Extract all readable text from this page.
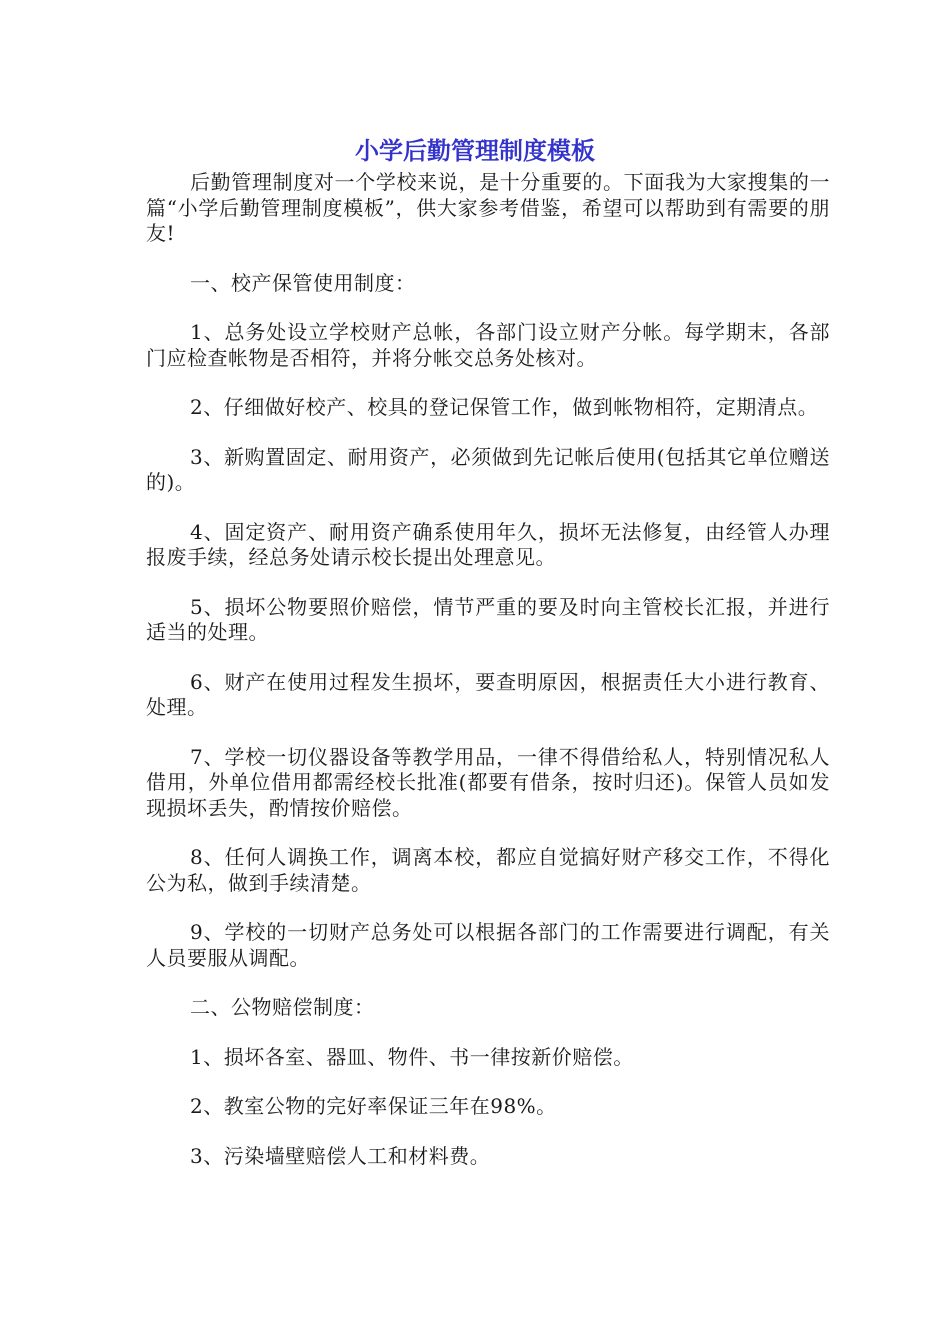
小学后勤管理制度模板

后勤管理制度对一个学校来说，是十分重要的。下面我为大家搜集的一篇“小学后勤管理制度模板”，供大家参考借鉴，希望可以帮助到有需要的朋友!

一、校产保管使用制度：

1、总务处设立学校财产总帐，各部门设立财产分帐。每学期末，各部门应检查帐物是否相符，并将分帐交总务处核对。

2、仔细做好校产、校具的登记保管工作，做到帐物相符，定期清点。

3、新购置固定、耐用资产，必须做到先记帐后使用(包括其它单位赠送的)。

4、固定资产、耐用资产确系使用年久，损坏无法修复，由经管人办理报废手续，经总务处请示校长提出处理意见。

5、损坏公物要照价赔偿，情节严重的要及时向主管校长汇报，并进行适当的处理。

6、财产在使用过程发生损坏，要查明原因，根据责任大小进行教育、处理。

7、学校一切仪器设备等教学用品，一律不得借给私人，特别情况私人借用，外单位借用都需经校长批准(都要有借条，按时归还)。保管人员如发现损坏丢失，酌情按价赔偿。

8、任何人调换工作，调离本校，都应自觉搞好财产移交工作，不得化公为私，做到手续清楚。

9、学校的一切财产总务处可以根据各部门的工作需要进行调配，有关人员要服从调配。

二、公物赔偿制度：

1、损坏各室、器皿、物件、书一律按新价赔偿。

2、教室公物的完好率保证三年在98%。

3、污染墙壁赔偿人工和材料费。
